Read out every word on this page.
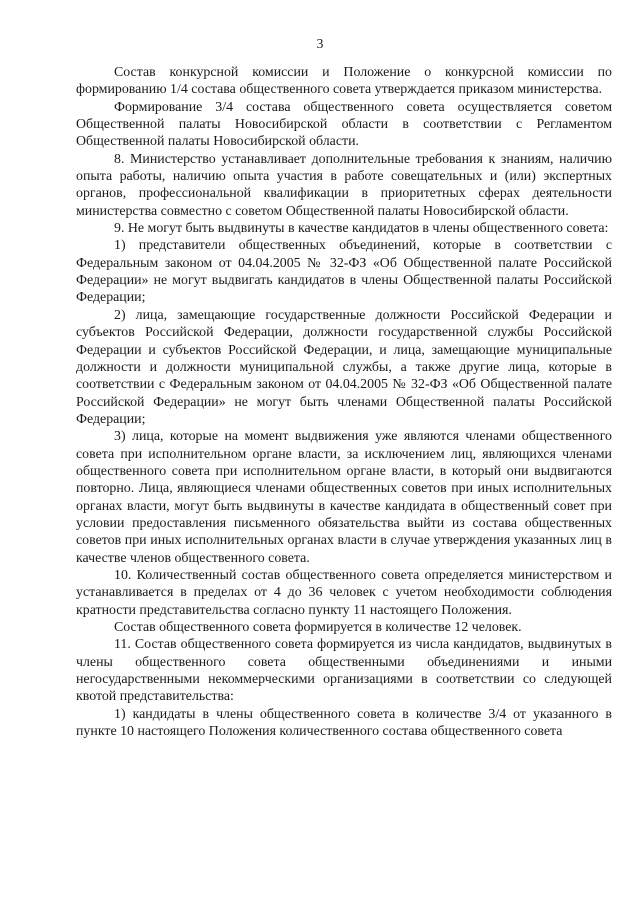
3

Состав конкурсной комиссии и Положение о конкурсной комиссии по формированию 1/4 состава общественного совета утверждается приказом министерства.

Формирование 3/4 состава общественного совета осуществляется советом Общественной палаты Новосибирской области в соответствии с Регламентом Общественной палаты Новосибирской области.

8. Министерство устанавливает дополнительные требования к знаниям, наличию опыта работы, наличию опыта участия в работе совещательных и (или) экспертных органов, профессиональной квалификации в приоритетных сферах деятельности министерства совместно с советом Общественной палаты Новосибирской области.

9. Не могут быть выдвинуты в качестве кандидатов в члены общественного совета:

1) представители общественных объединений, которые в соответствии с Федеральным законом от 04.04.2005 № 32-ФЗ «Об Общественной палате Российской Федерации» не могут выдвигать кандидатов в члены Общественной палаты Российской Федерации;

2) лица, замещающие государственные должности Российской Федерации и субъектов Российской Федерации, должности государственной службы Российской Федерации и субъектов Российской Федерации, и лица, замещающие муниципальные должности и должности муниципальной службы, а также другие лица, которые в соответствии с Федеральным законом от 04.04.2005 № 32-ФЗ «Об Общественной палате Российской Федерации» не могут быть членами Общественной палаты Российской Федерации;

3) лица, которые на момент выдвижения уже являются членами общественного совета при исполнительном органе власти, за исключением лиц, являющихся членами общественного совета при исполнительном органе власти, в который они выдвигаются повторно. Лица, являющиеся членами общественных советов при иных исполнительных органах власти, могут быть выдвинуты в качестве кандидата в общественный совет при условии предоставления письменного обязательства выйти из состава общественных советов при иных исполнительных органах власти в случае утверждения указанных лиц в качестве членов общественного совета.

10. Количественный состав общественного совета определяется министерством и устанавливается в пределах от 4 до 36 человек с учетом необходимости соблюдения кратности представительства согласно пункту 11 настоящего Положения.

Состав общественного совета формируется в количестве 12 человек.

11. Состав общественного совета формируется из числа кандидатов, выдвинутых в члены общественного совета общественными объединениями и иными негосударственными некоммерческими организациями в соответствии со следующей квотой представительства:

1) кандидаты в члены общественного совета в количестве 3/4 от указанного в пункте 10 настоящего Положения количественного состава общественного совета
